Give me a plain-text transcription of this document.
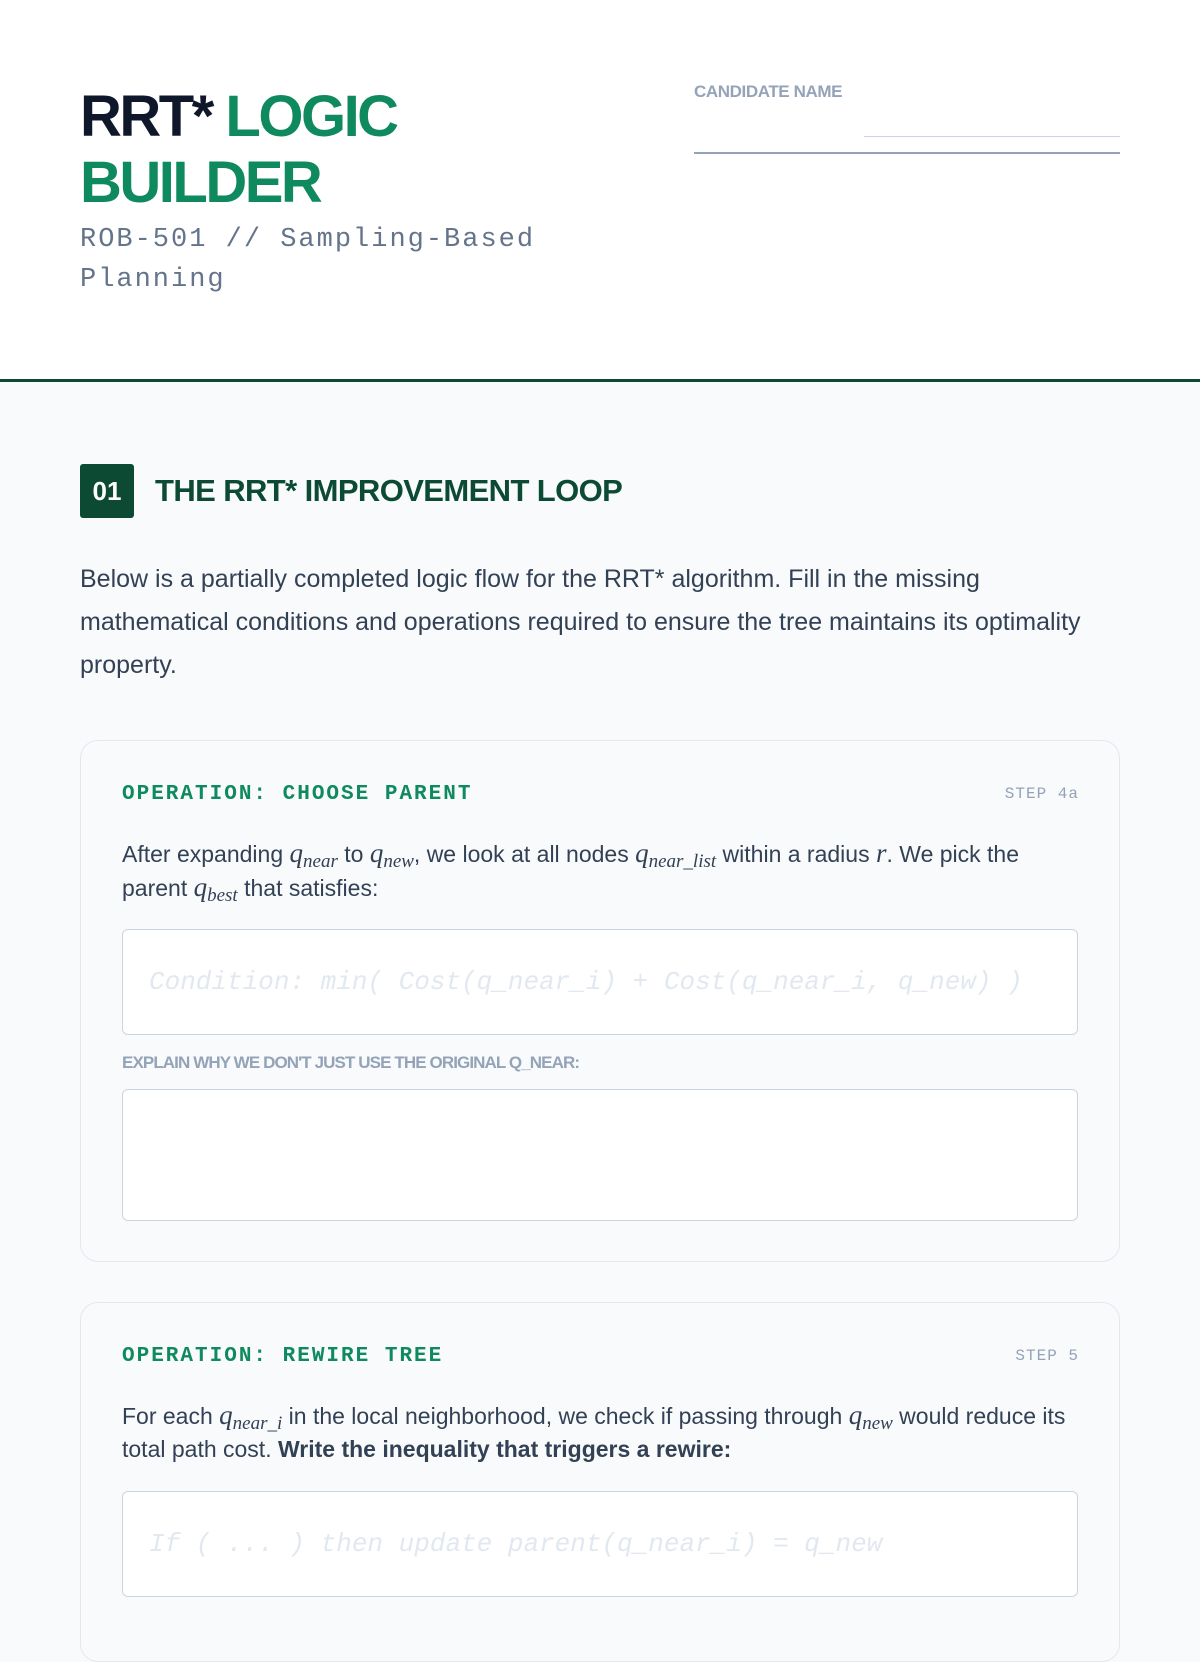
RRT* LOGIC BUILDER
ROB-501 // Sampling-Based Planning
CANDIDATE NAME
01	THE RRT* IMPROVEMENT LOOP

Below is a partially completed logic flow for the RRT* algorithm. Fill in the missing mathematical conditions and operations required to ensure the tree maintains its optimality property.

OPERATION: CHOOSE PARENT	STEP 4a

After expanding $q_{near}$ to $q_{new}$, we look at all nodes $q_{near\_list}$ within a radius r. We pick the parent $q_{best}$ that satisfies:

Condition: min( Cost(q_near_i) + Cost(q_near_i, q_new) )
EXPLAIN WHY WE DON'T JUST USE THE ORIGINAL Q_NEAR:
OPERATION: REWIRE TREE	STEP 5

For each $q_{near\_i}$ in the local neighborhood, we check if passing through $q_{new}$ would reduce its total path cost. Write the inequality that triggers a rewire:

If ( ... ) then update parent(q_near_i) = q_new
